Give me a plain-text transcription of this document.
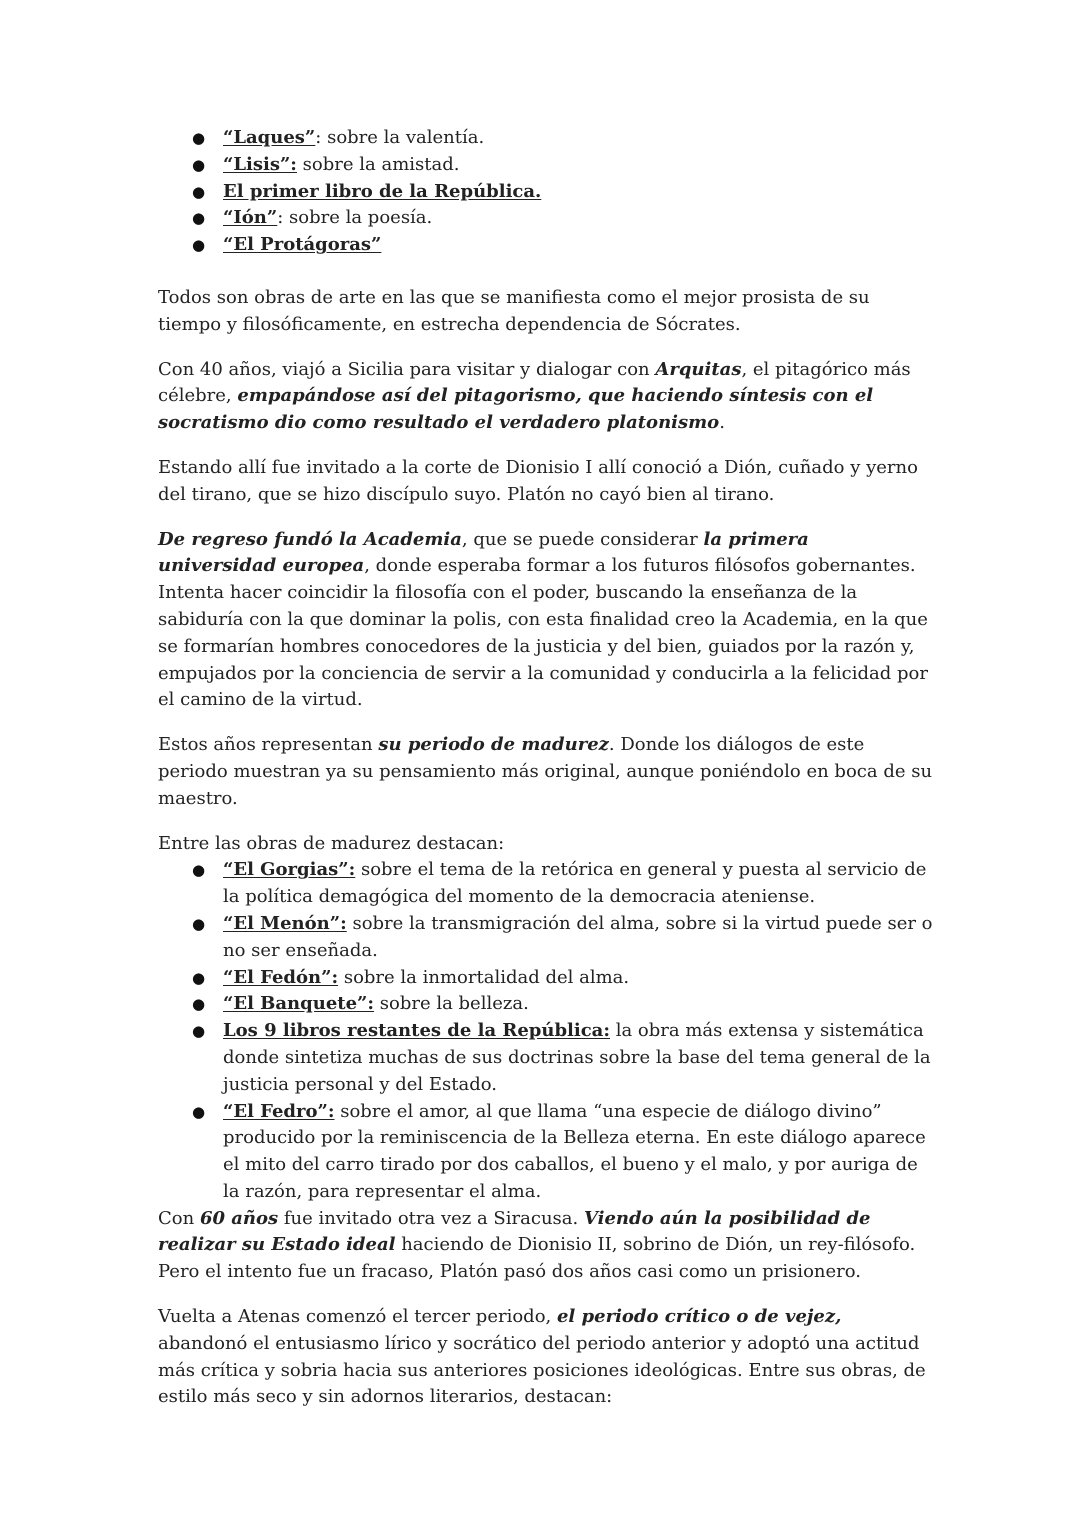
● “Laques”: sobre la valentía.
● “Lisis”: sobre la amistad.
● El primer libro de la República.
● “Ión”: sobre la poesía.
● “El Protágoras”

Todos son obras de arte en las que se manifiesta como el mejor prosista de su tiempo y filosóficamente, en estrecha dependencia de Sócrates.

Con 40 años, viajó a Sicilia para visitar y dialogar con Arquitas, el pitagórico más célebre, empapándose así del pitagorismo, que haciendo síntesis con el socratismo dio como resultado el verdadero platonismo.

Estando allí fue invitado a la corte de Dionisio I allí conoció a Dión, cuñado y yerno del tirano, que se hizo discípulo suyo. Platón no cayó bien al tirano.

De regreso fundó la Academia, que se puede considerar la primera universidad europea, donde esperaba formar a los futuros filósofos gobernantes. Intenta hacer coincidir la filosofía con el poder, buscando la enseñanza de la sabiduría con la que dominar la polis, con esta finalidad creo la Academia, en la que se formarían hombres conocedores de la justicia y del bien, guiados por la razón y, empujados por la conciencia de servir a la comunidad y conducirla a la felicidad por el camino de la virtud.

Estos años representan su periodo de madurez. Donde los diálogos de este periodo muestran ya su pensamiento más original, aunque poniéndolo en boca de su maestro.

Entre las obras de madurez destacan:

● “El Gorgias”: sobre el tema de la retórica en general y puesta al servicio de la política demagógica del momento de la democracia ateniense.
● “El Menón”: sobre la transmigración del alma, sobre si la virtud puede ser o no ser enseñada.
● “El Fedón”: sobre la inmortalidad del alma.
● “El Banquete”: sobre la belleza.
● Los 9 libros restantes de la República: la obra más extensa y sistemática donde sintetiza muchas de sus doctrinas sobre la base del tema general de la justicia personal y del Estado.
● “El Fedro”: sobre el amor, al que llama “una especie de diálogo divino” producido por la reminiscencia de la Belleza eterna. En este diálogo aparece el mito del carro tirado por dos caballos, el bueno y el malo, y por auriga de la razón, para representar el alma.

Con 60 años fue invitado otra vez a Siracusa. Viendo aún la posibilidad de realizar su Estado ideal haciendo de Dionisio II, sobrino de Dión, un rey-filósofo. Pero el intento fue un fracaso, Platón pasó dos años casi como un prisionero.

Vuelta a Atenas comenzó el tercer periodo, el periodo crítico o de vejez, abandonó el entusiasmo lírico y socrático del periodo anterior y adoptó una actitud más crítica y sobria hacia sus anteriores posiciones ideológicas. Entre sus obras, de estilo más seco y sin adornos literarios, destacan:
